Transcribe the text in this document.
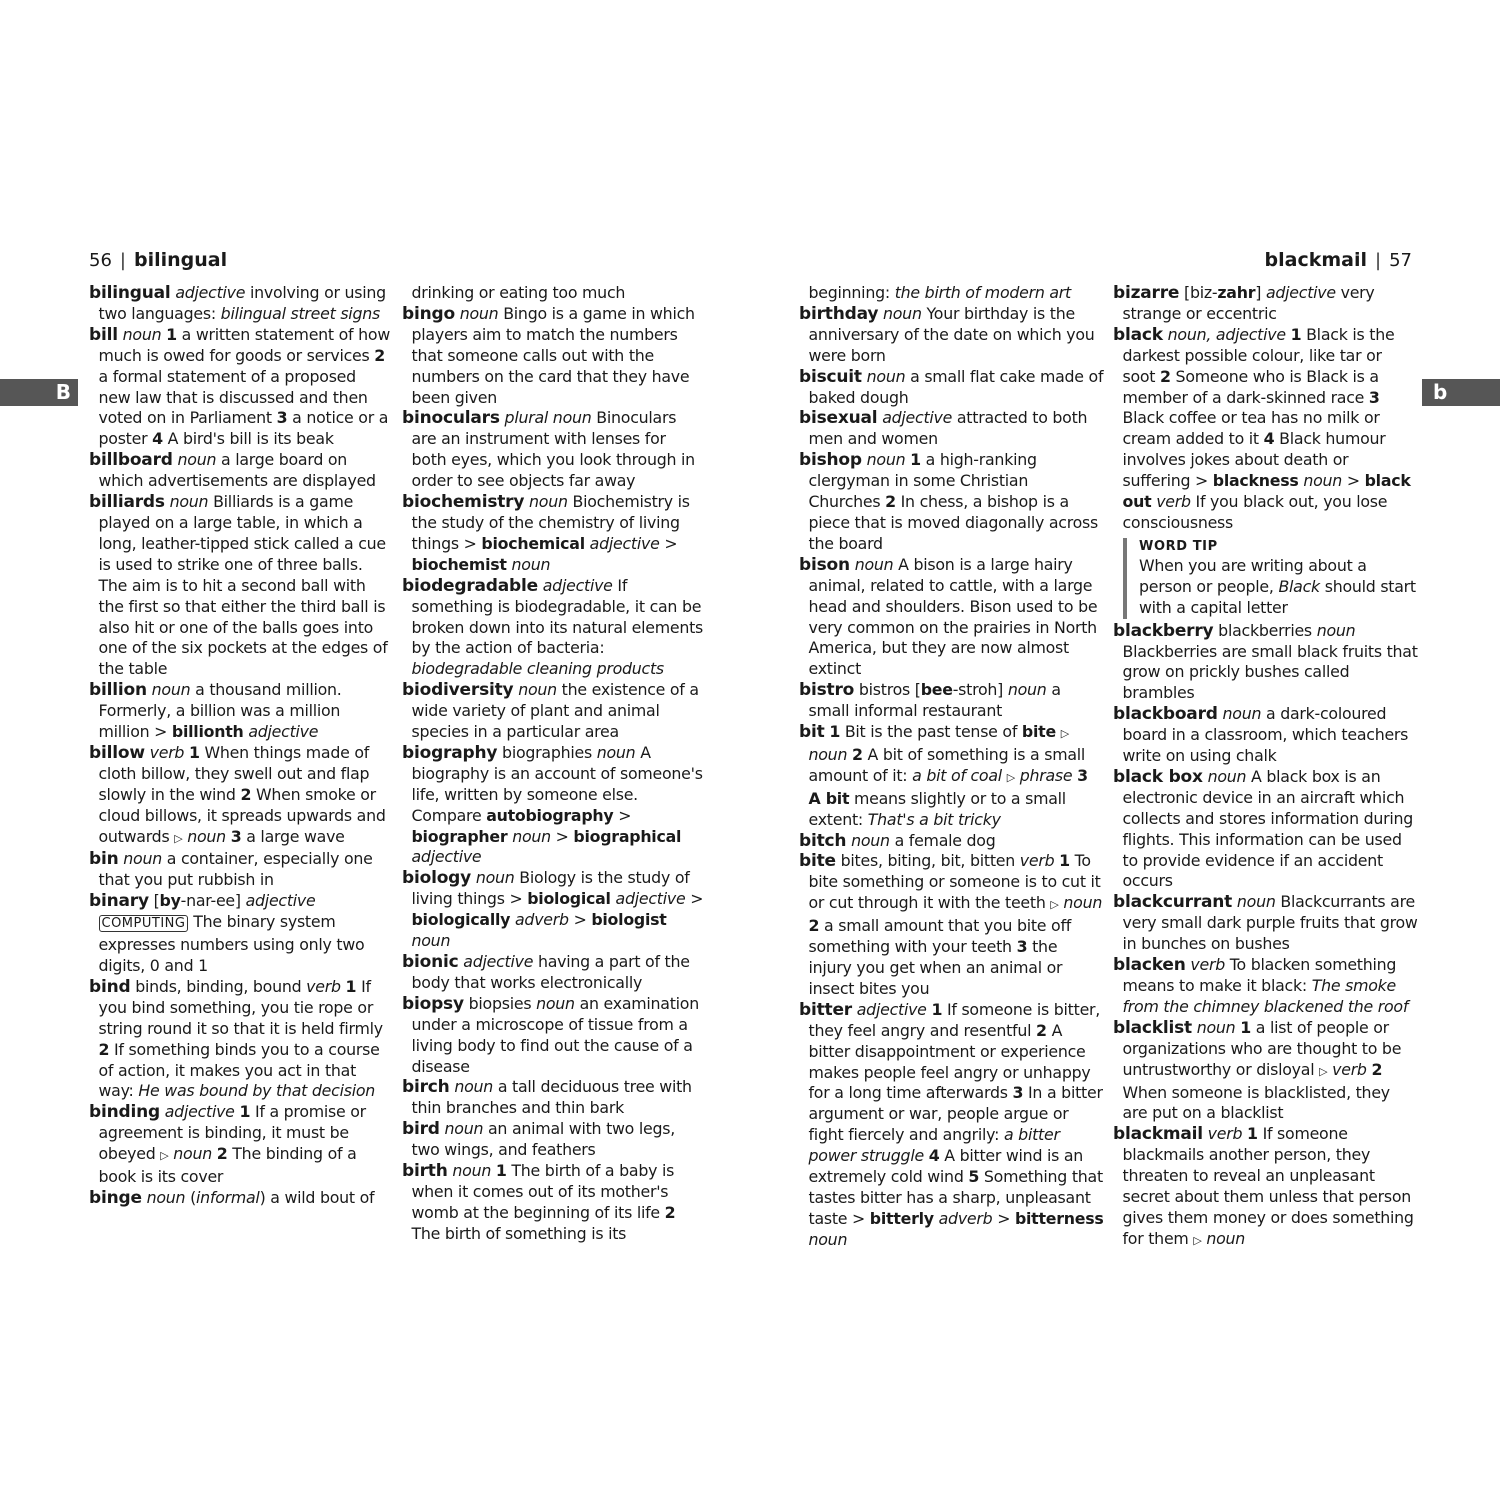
56 | bilingual	blackmail | 57
B	b

bilingual adjective involving or using two languages: bilingual street signs

bill noun 1 a written statement of how much is owed for goods or services 2 a formal statement of a proposed new law that is discussed and then voted on in Parliament 3 a notice or a poster 4 A bird's bill is its beak

billboard noun a large board on which advertisements are displayed

billiards noun Billiards is a game played on a large table, in which a long, leather-tipped stick called a cue is used to strike one of three balls. The aim is to hit a second ball with the first so that either the third ball is also hit or one of the balls goes into one of the six pockets at the edges of the table

billion noun a thousand million. Formerly, a billion was a million million > billionth adjective

billow verb 1 When things made of cloth billow, they swell out and flap slowly in the wind 2 When smoke or cloud billows, it spreads upwards and outwards ▷ noun 3 a large wave

bin noun a container, especially one that you put rubbish in

binary [by-nar-ee] adjective COMPUTING The binary system expresses numbers using only two digits, 0 and 1

bind binds, binding, bound verb 1 If you bind something, you tie rope or string round it so that it is held firmly 2 If something binds you to a course of action, it makes you act in that way: He was bound by that decision

binding adjective 1 If a promise or agreement is binding, it must be obeyed ▷ noun 2 The binding of a book is its cover

binge noun (informal) a wild bout of

drinking or eating too much

bingo noun Bingo is a game in which players aim to match the numbers that someone calls out with the numbers on the card that they have been given

binoculars plural noun Binoculars are an instrument with lenses for both eyes, which you look through in order to see objects far away

biochemistry noun Biochemistry is the study of the chemistry of living things > biochemical adjective > biochemist noun

biodegradable adjective If something is biodegradable, it can be broken down into its natural elements by the action of bacteria: biodegradable cleaning products

biodiversity noun the existence of a wide variety of plant and animal species in a particular area

biography biographies noun A biography is an account of someone's life, written by someone else. Compare autobiography > biographer noun > biographical adjective

biology noun Biology is the study of living things > biological adjective > biologically adverb > biologist noun

bionic adjective having a part of the body that works electronically

biopsy biopsies noun an examination under a microscope of tissue from a living body to find out the cause of a disease

birch noun a tall deciduous tree with thin branches and thin bark

bird noun an animal with two legs, two wings, and feathers

birth noun 1 The birth of a baby is when it comes out of its mother's womb at the beginning of its life 2 The birth of something is its

beginning: the birth of modern art

birthday noun Your birthday is the anniversary of the date on which you were born

biscuit noun a small flat cake made of baked dough

bisexual adjective attracted to both men and women

bishop noun 1 a high-ranking clergyman in some Christian Churches 2 In chess, a bishop is a piece that is moved diagonally across the board

bison noun A bison is a large hairy animal, related to cattle, with a large head and shoulders. Bison used to be very common on the prairies in North America, but they are now almost extinct

bistro bistros [bee-stroh] noun a small informal restaurant

bit 1 Bit is the past tense of bite ▷ noun 2 A bit of something is a small amount of it: a bit of coal ▷ phrase 3 A bit means slightly or to a small extent: That's a bit tricky

bitch noun a female dog

bite bites, biting, bit, bitten verb 1 To bite something or someone is to cut it or cut through it with the teeth ▷ noun 2 a small amount that you bite off something with your teeth 3 the injury you get when an animal or insect bites you

bitter adjective 1 If someone is bitter, they feel angry and resentful 2 A bitter disappointment or experience makes people feel angry or unhappy for a long time afterwards 3 In a bitter argument or war, people argue or fight fiercely and angrily: a bitter power struggle 4 A bitter wind is an extremely cold wind 5 Something that tastes bitter has a sharp, unpleasant taste > bitterly adverb > bitterness noun

bizarre [biz-zahr] adjective very strange or eccentric

black noun, adjective 1 Black is the darkest possible colour, like tar or soot 2 Someone who is Black is a member of a dark-skinned race 3 Black coffee or tea has no milk or cream added to it 4 Black humour involves jokes about death or suffering > blackness noun > black out verb If you black out, you lose consciousness

WORD TIP
When you are writing about a person or people, Black should start with a capital letter

blackberry blackberries noun Blackberries are small black fruits that grow on prickly bushes called brambles

blackboard noun a dark-coloured board in a classroom, which teachers write on using chalk

black box noun A black box is an electronic device in an aircraft which collects and stores information during flights. This information can be used to provide evidence if an accident occurs

blackcurrant noun Blackcurrants are very small dark purple fruits that grow in bunches on bushes

blacken verb To blacken something means to make it black: The smoke from the chimney blackened the roof

blacklist noun 1 a list of people or organizations who are thought to be untrustworthy or disloyal ▷ verb 2 When someone is blacklisted, they are put on a blacklist

blackmail verb 1 If someone blackmails another person, they threaten to reveal an unpleasant secret about them unless that person gives them money or does something for them ▷ noun
